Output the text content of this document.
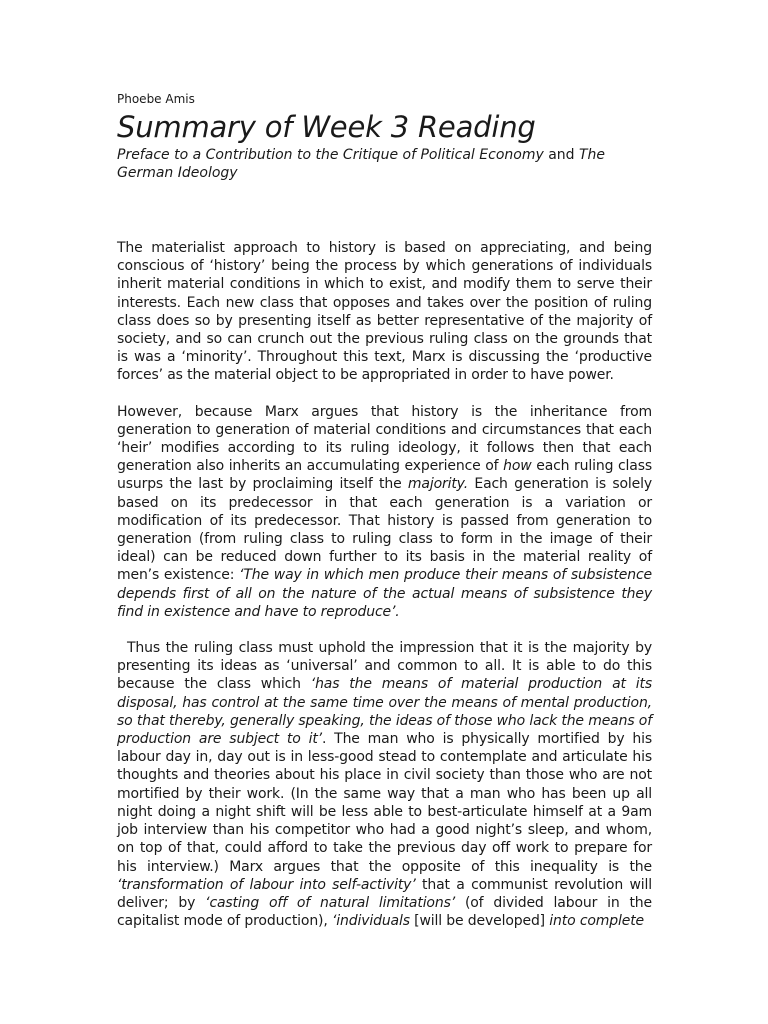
Phoebe Amis

Summary of Week 3 Reading

Preface to a Contribution to the Critique of Political Economy and The German Ideology

The materialist approach to history is based on appreciating, and being conscious of ‘history’ being the process by which generations of individuals inherit material conditions in which to exist, and modify them to serve their interests. Each new class that opposes and takes over the position of ruling class does so by presenting itself as better representative of the majority of society, and so can crunch out the previous ruling class on the grounds that is was a ‘minority’. Throughout this text, Marx is discussing the ‘productive forces’ as the material object to be appropriated in order to have power.

However, because Marx argues that history is the inheritance from generation to generation of material conditions and circumstances that each ‘heir’ modifies according to its ruling ideology, it follows then that each generation also inherits an accumulating experience of how each ruling class usurps the last by proclaiming itself the majority. Each generation is solely based on its predecessor in that each generation is a variation or modification of its predecessor. That history is passed from generation to generation (from ruling class to ruling class to form in the image of their ideal) can be reduced down further to its basis in the material reality of men’s existence: ‘The way in which men produce their means of subsistence depends first of all on the nature of the actual means of subsistence they find in existence and have to reproduce’.

Thus the ruling class must uphold the impression that it is the majority by presenting its ideas as ‘universal’ and common to all. It is able to do this because the class which ‘has the means of material production at its disposal, has control at the same time over the means of mental production, so that thereby, generally speaking, the ideas of those who lack the means of production are subject to it’. The man who is physically mortified by his labour day in, day out is in less-good stead to contemplate and articulate his thoughts and theories about his place in civil society than those who are not mortified by their work. (In the same way that a man who has been up all night doing a night shift will be less able to best-articulate himself at a 9am job interview than his competitor who had a good night’s sleep, and whom, on top of that, could afford to take the previous day off work to prepare for his interview.) Marx argues that the opposite of this inequality is the ‘transformation of labour into self-activity’ that a communist revolution will deliver; by ‘casting off of natural limitations’ (of divided labour in the capitalist mode of production), ‘individuals [will be developed] into complete
